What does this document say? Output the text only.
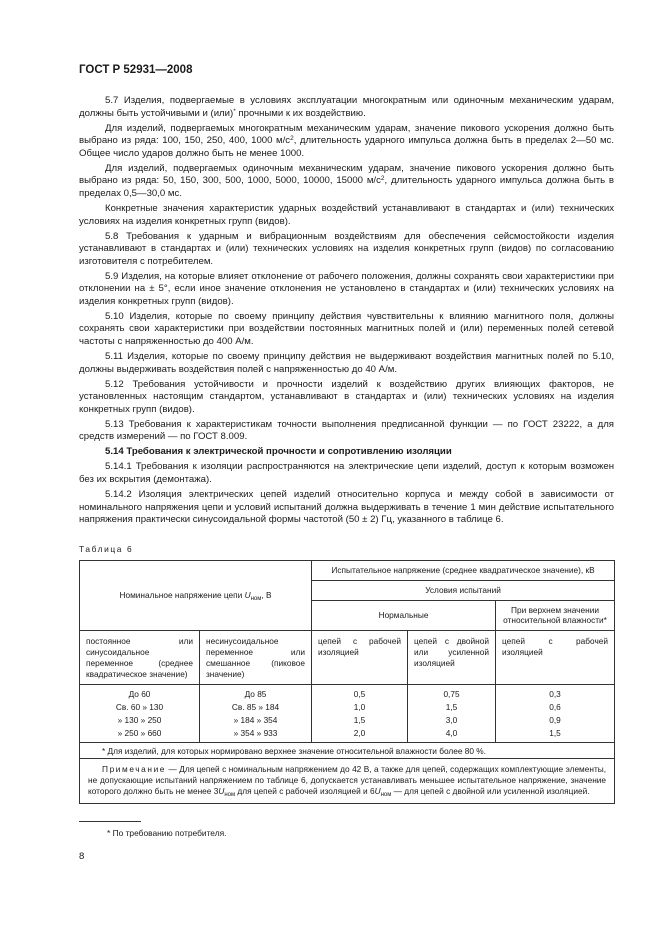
ГОСТ Р 52931—2008

5.7 Изделия, подвергаемые в условиях эксплуатации многократным или одиночным механическим ударам, должны быть устойчивыми и (или)* прочными к их воздействию.

Для изделий, подвергаемых многократным механическим ударам, значение пикового ускорения должно быть выбрано из ряда: 100, 150, 250, 400, 1000 $м/с^2$, длительность ударного импульса должна быть в пределах 2—50 мс. Общее число ударов должно быть не менее 1000.

Для изделий, подвергаемых одиночным механическим ударам, значение пикового ускорения должно быть выбрано из ряда: 50, 150, 300, 500, 1000, 5000, 10000, 15000 $м/с^2$, длительность ударного импульса должна быть в пределах 0,5—30,0 мс.

Конкретные значения характеристик ударных воздействий устанавливают в стандартах и (или) технических условиях на изделия конкретных групп (видов).

5.8 Требования к ударным и вибрационным воздействиям для обеспечения сейсмостойкости изделия устанавливают в стандартах и (или) технических условиях на изделия конкретных групп (видов) по согласованию изготовителя с потребителем.

5.9 Изделия, на которые влияет отклонение от рабочего положения, должны сохранять свои характеристики при отклонении на ± 5°, если иное значение отклонения не установлено в стандартах и (или) технических условиях на изделия конкретных групп (видов).

5.10 Изделия, которые по своему принципу действия чувствительны к влиянию магнитного поля, должны сохранять свои характеристики при воздействии постоянных магнитных полей и (или) переменных полей сетевой частоты с напряженностью до 400 А/м.

5.11 Изделия, которые по своему принципу действия не выдерживают воздействия магнитных полей по 5.10, должны выдерживать воздействия полей с напряженностью до 40 А/м.

5.12 Требования устойчивости и прочности изделий к воздействию других влияющих факторов, не установленных настоящим стандартом, устанавливают в стандартах и (или) технических условиях на изделия конкретных групп (видов).

5.13 Требования к характеристикам точности выполнения предписанной функции — по ГОСТ 23222, а для средств измерений — по ГОСТ 8.009.

5.14 Требования к электрической прочности и сопротивлению изоляции

5.14.1 Требования к изоляции распространяются на электрические цепи изделий, доступ к которым возможен без их вскрытия (демонтажа).

5.14.2 Изоляция электрических цепей изделий относительно корпуса и между собой в зависимости от номинального напряжения цепи и условий испытаний должна выдерживать в течение 1 мин действие испытательного напряжения практически синусоидальной формы частотой (50 ± 2) Гц, указанного в таблице 6.

Таблица 6
Номинальное напряжение цепи $U_{ном}$, В		Испытательное напряжение (среднее квадратическое значение), кВ		
		Условия испытаний		
		Нормальные		При верхнем значении относительной влажности*
постоянное или синусоидальное переменное (среднее квадратическое значение)	несинусоидальное переменное или смешанное (пиковое значение)	цепей с рабочей изоляцией	цепей с двойной или усиленной изоляцией	цепей с рабочей изоляцией
До 60	До 85	0,5	0,75	0,3
Св. 60 » 130	Св. 85 » 184	1,0	1,5	0,6
» 130 » 250	» 184 » 354	1,5	3,0	0,9
» 250 » 660	» 354 » 933	2,0	4,0	1,5
* Для изделий, для которых нормировано верхнее значение относительной влажности более 80 %.				
Примечание — Для цепей с номинальным напряжением до 42 В, а также для цепей, содержащих комплектующие элементы, не допускающие испытаний напряжением по таблице 6, допускается устанавливать меньшее испытательное напряжение, значение которого должно быть не менее $3U_{ном}$ для цепей с рабочей изоляцией и $6U_{ном}$ — для цепей с двойной или усиленной изоляцией.				
* По требованию потребителя.
8
